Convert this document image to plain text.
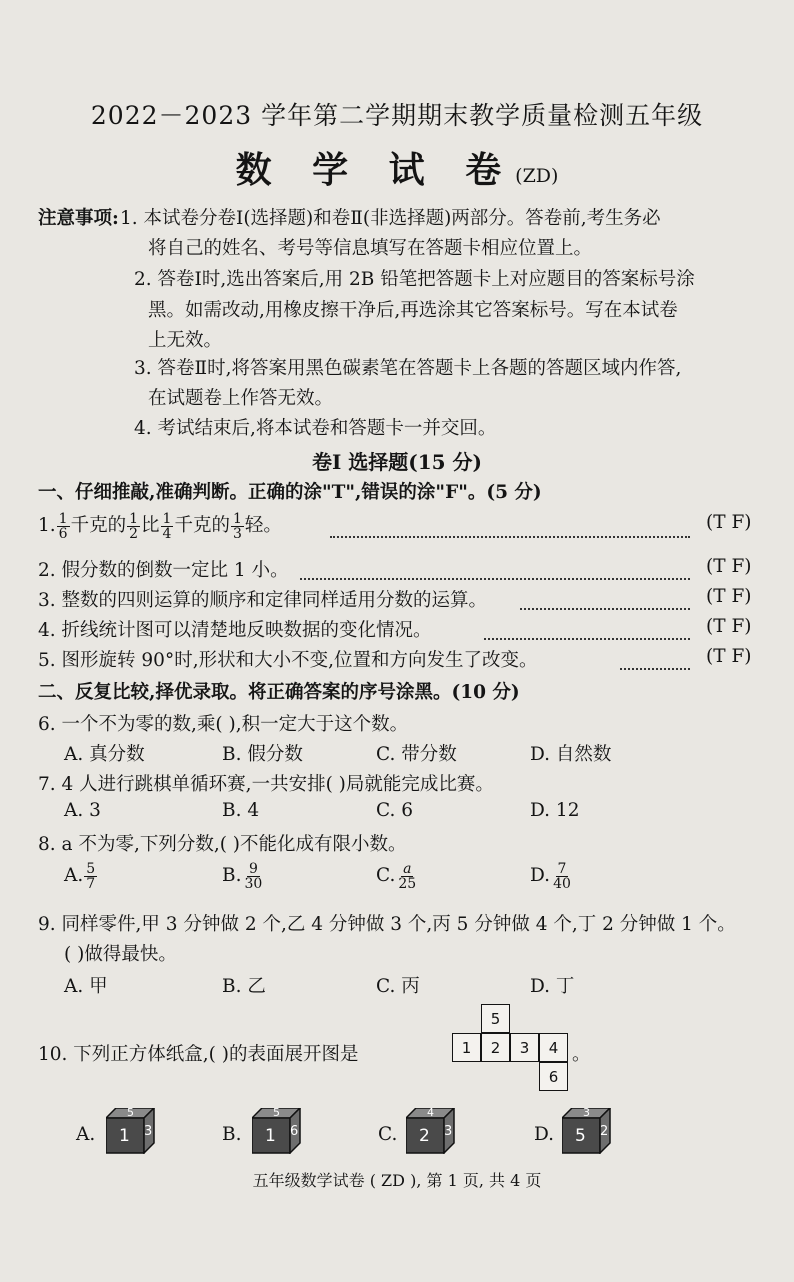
2022－2023 学年第二学期期末教学质量检测五年级
数 学 试 卷(ZD)
注意事项: 1. 本试卷分卷Ⅰ(选择题)和卷Ⅱ(非选择题)两部分。答卷前,考生务必
将自己的姓名、考号等信息填写在答题卡相应位置上。
2. 答卷Ⅰ时,选出答案后,用 2B 铅笔把答题卡上对应题目的答案标号涂
黑。如需改动,用橡皮擦干净后,再选涂其它答案标号。写在本试卷
上无效。
3. 答卷Ⅱ时,将答案用黑色碳素笔在答题卡上各题的答题区域内作答,
在试题卷上作答无效。
4. 考试结束后,将本试卷和答题卡一并交回。
卷Ⅰ 选择题(15 分)
一、仔细推敲,准确判断。正确的涂"T",错误的涂"F"。(5 分)
1. $\frac{1}{6}$ 千克的 $\frac{1}{2}$ 比 $\frac{1}{4}$ 千克的 $\frac{1}{3}$ 轻。	(T F)
2. 假分数的倒数一定比 1 小。	(T F)
3. 整数的四则运算的顺序和定律同样适用分数的运算。	(T F)
4. 折线统计图可以清楚地反映数据的变化情况。	(T F)
5. 图形旋转 90°时,形状和大小不变,位置和方向发生了改变。	(T F)
二、反复比较,择优录取。将正确答案的序号涂黑。(10 分)
6. 一个不为零的数,乘( ),积一定大于这个数。
A. 真分数	B. 假分数	C. 带分数	D. 自然数
7. 4 人进行跳棋单循环赛,一共安排( )局就能完成比赛。
A. 3	B. 4	C. 6	D. 12
8. a 不为零,下列分数,( )不能化成有限小数。
A. $\frac{5}{7}$	B. $\frac{9}{30}$	C. $\frac{a}{25}$	D. $\frac{7}{40}$
9. 同样零件,甲 3 分钟做 2 个,乙 4 分钟做 3 个,丙 5 分钟做 4 个,丁 2 分钟做 1 个。
( )做得最快。
A. 甲	B. 乙	C. 丙	D. 丁
10. 下列正方体纸盒,( )的表面展开图是	。
5
1	2	3	4
6
A.
5
1 3	B.
5
1 6	C.
4
2 3	D.
3
5 2
五年级数学试卷 ( ZD ), 第 1 页, 共 4 页
